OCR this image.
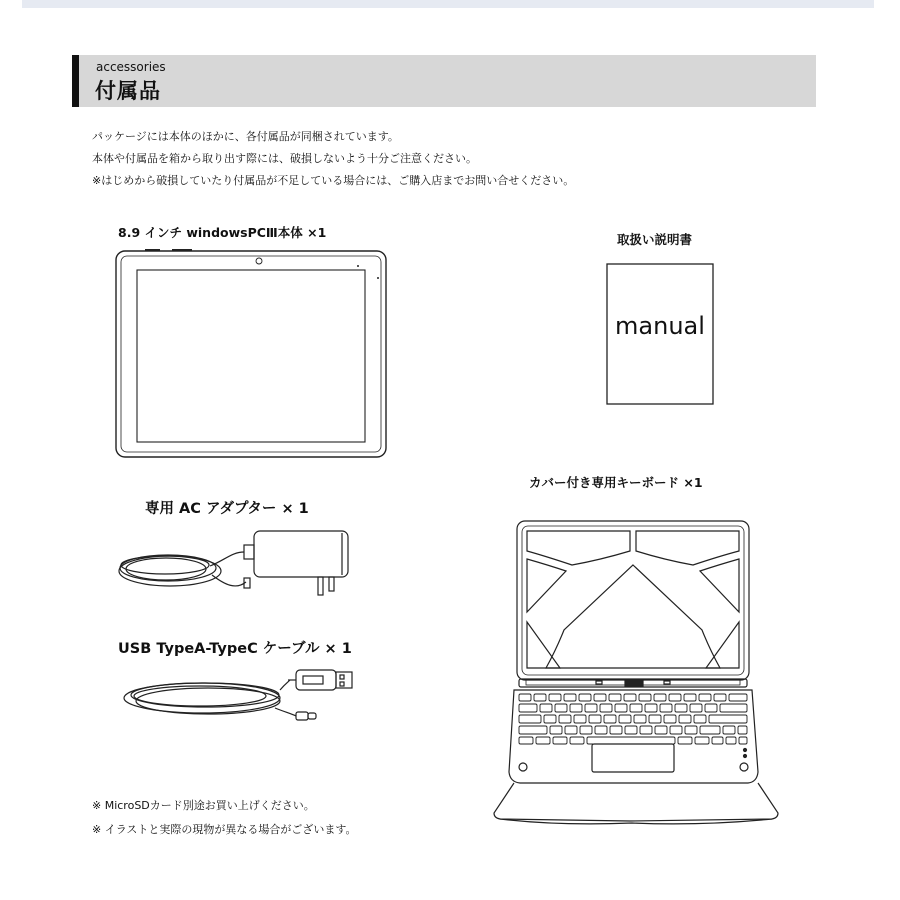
accessories
付属品
パッケージには本体のほかに、各付属品が同梱されています。
本体や付属品を箱から取り出す際には、破損しないよう十分ご注意ください。
※はじめから破損していたり付属品が不足している場合には、ご購入店までお問い合せください。
8.9 インチ windowsPCⅢ本体 ×1	取扱い説明書
manual
専用 AC アダプター × 1
USB TypeA-TypeC ケーブル × 1
カバー付き専用キーボード ×1
※ MicroSDカード別途お買い上げください。
※ イラストと実際の現物が異なる場合がございます。
